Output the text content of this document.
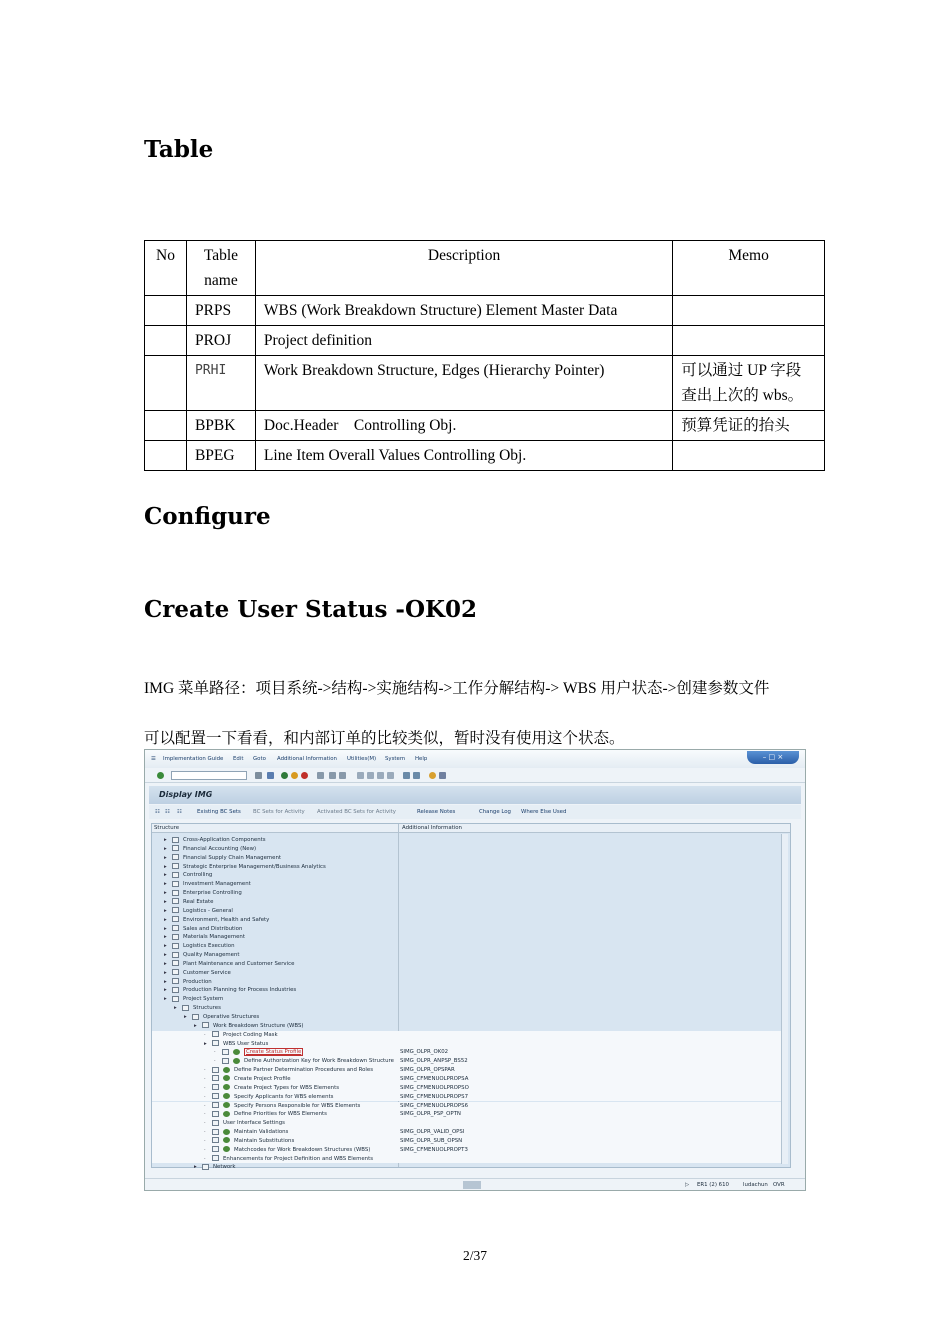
Table
No	Table name	Description	Memo
	PRPS	WBS (Work Breakdown Structure) Element Master Data	
	PROJ	Project definition	
	PRHI	Work Breakdown Structure, Edges (Hierarchy Pointer)	可以通过 UP 字段查出上次的 wbs。
	BPBK	Doc.Header    Controlling Obj.	预算凭证的抬头
	BPEG	Line Item Overall Values Controlling Obj.	
Configure
Create User Status -OK02
IMG 菜单路径：项目系统->结构->实施结构->工作分解结构-> WBS 用户状态->创建参数文件
可以配置一下看看，和内部订单的比较类似，暂时没有使用这个状态。
☰ Implementation Guide Edit Goto Additional Information Utilities(M) System Help	– □ ×
Display IMG
☷ ☷ ☷	Existing BC Sets BC Sets for Activity Activated BC Sets for Activity	Release Notes	Change Log Where Else Used
Structure	Additional Information
▸	Cross-Application Components
▸	Financial Accounting (New)
▸	Financial Supply Chain Management
▸	Strategic Enterprise Management/Business Analytics
▸	Controlling
▸	Investment Management
▸	Enterprise Controlling
▸	Real Estate
▸	Logistics - General
▸	Environment, Health and Safety
▸	Sales and Distribution
▸	Materials Management
▸	Logistics Execution
▸	Quality Management
▸	Plant Maintenance and Customer Service
▸	Customer Service
▸	Production
▸	Production Planning for Process Industries
▸	Project System
▸	Structures
▸	Operative Structures
▸	Work Breakdown Structure (WBS)
·	Project Coding Mask
▸	WBS User Status
·	Create Status Profile	SIMG_OLPR_OK02
·	Define Authorization Key for Work Breakdown Structure SIMG_OLPR_ANPSP_BS52
·	Define Partner Determination Procedures and Roles	SIMG_OLPR_OPSPAR
·	Create Project Profile	SIMG_CFMENUOLPROPSA
·	Create Project Types for WBS Elements	SIMG_CFMENUOLPROPSO
·	Specify Applicants for WBS elements	SIMG_CFMENUOLPROPS7
·	Specify Persons Responsible for WBS Elements	SIMG_CFMENUOLPROPS6
·	Define Priorities for WBS Elements	SIMG_OLPR_PSP_OPTN
·	User Interface Settings
·	Maintain Validations	SIMG_OLPR_VALID_OPSI
·	Maintain Substitutions	SIMG_OLPR_SUB_OPSN
·	Matchcodes for Work Breakdown Structures (WBS)	SIMG_CFMENUOLPROPT3
·	Enhancements for Project Definition and WBS Elements
▸	Network
▷ ER1 (2) 610	ludachun OVR
2/37
